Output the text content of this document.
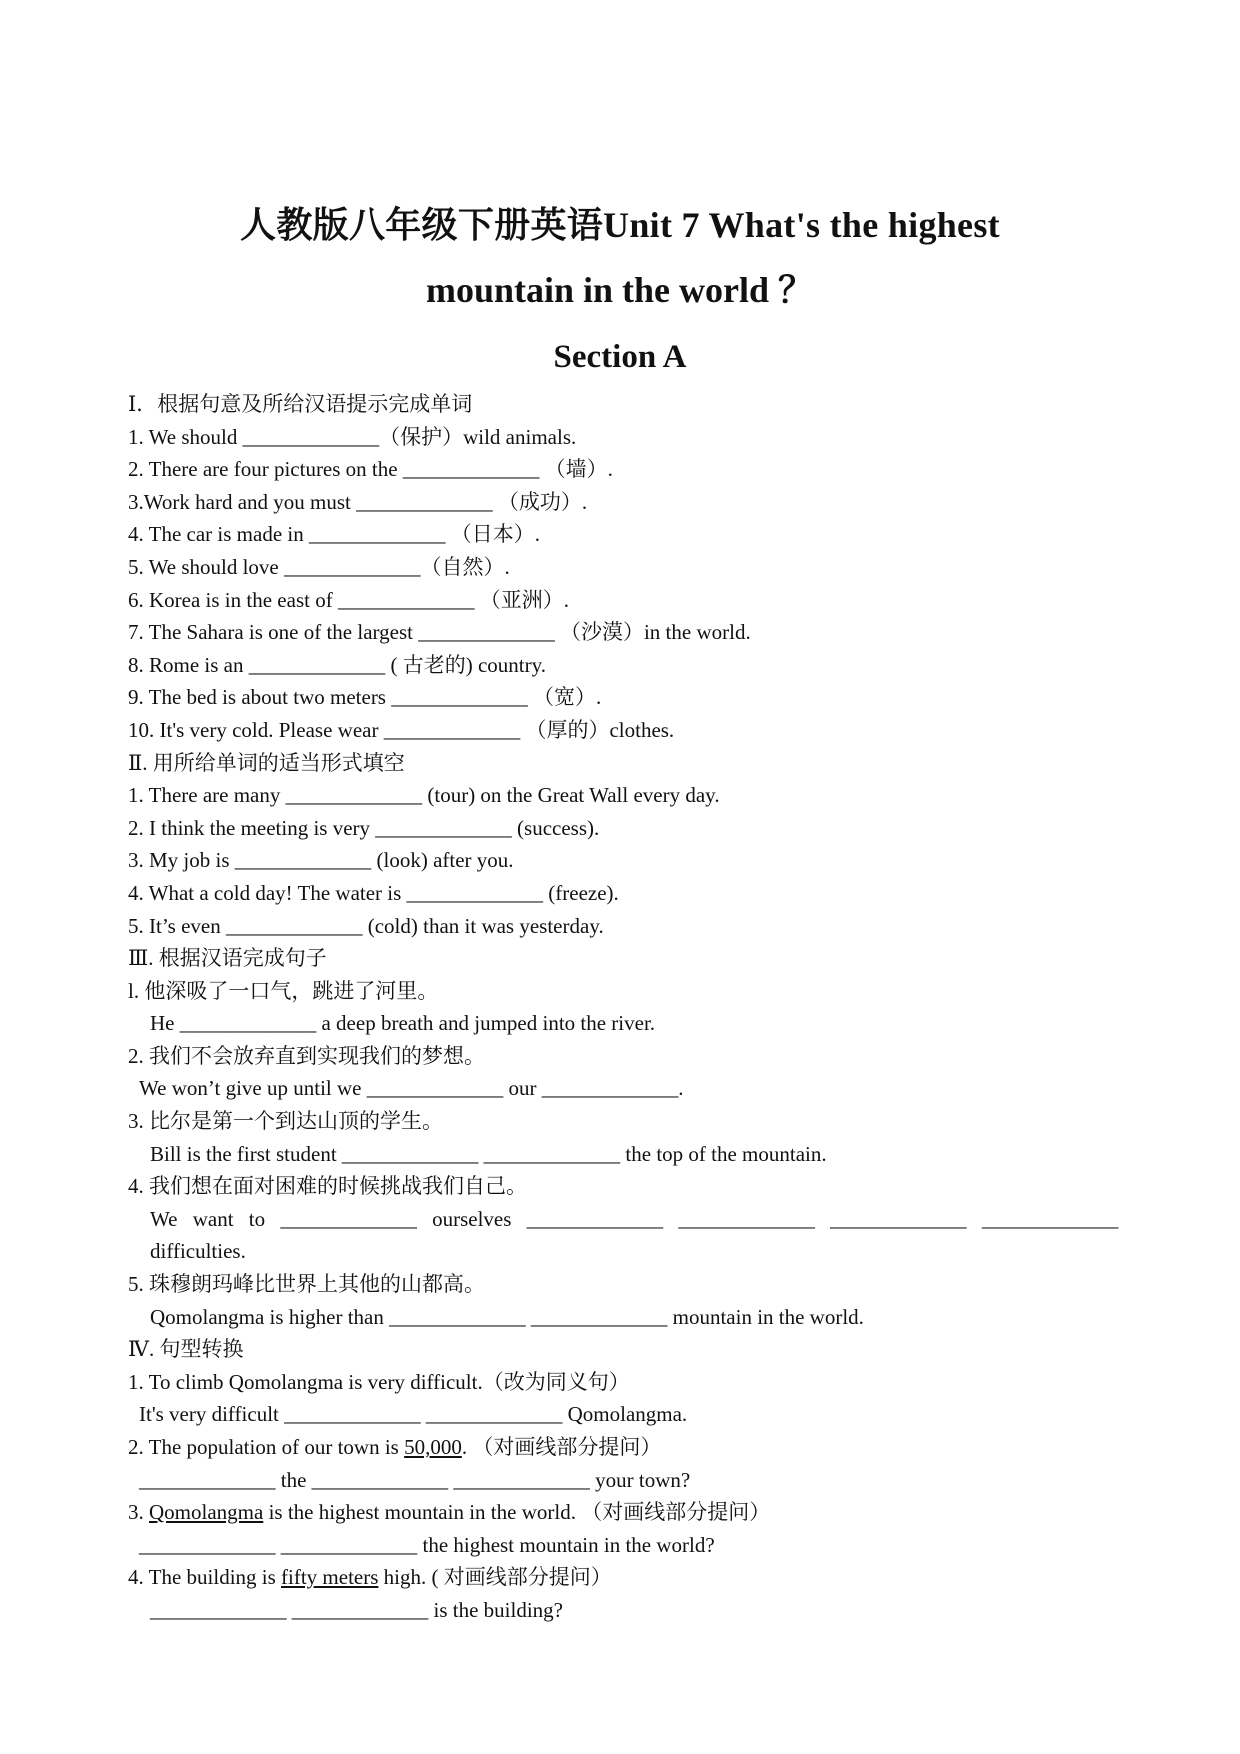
人教版八年级下册英语Unit 7 What's the highest
mountain in the world ？
Section A
Ⅰ．根据句意及所给汉语提示完成单词
1. We should _____________（保护）wild animals.
2. There are four pictures on the _____________ （墙）.
3.Work hard and you must _____________ （成功）.
4. The car is made in _____________ （日本）.
5. We should love _____________（自然）.
6. Korea is in the east of _____________ （亚洲）.
7. The Sahara is one of the largest _____________ （沙漠）in the world.
8. Rome is an _____________ ( 古老的) country.
9. The bed is about two meters _____________ （宽）.
10. It's very cold. Please wear _____________ （厚的）clothes.
Ⅱ. 用所给单词的适当形式填空
1. There are many _____________ (tour) on the Great Wall every day.
2. I think the meeting is very _____________ (success).
3. My job is _____________ (look) after you.
4. What a cold day! The water is _____________ (freeze).
5. It’s even _____________ (cold) than it was yesterday.
Ⅲ. 根据汉语完成句子
l. 他深吸了一口气，跳进了河里。
He _____________ a deep breath and jumped into the river.
2. 我们不会放弃直到实现我们的梦想。
We won’t give up until we _____________ our _____________.
3. 比尔是第一个到达山顶的学生。
Bill is the first student _____________ _____________ the top of the mountain.
4. 我们想在面对困难的时候挑战我们自己。
We want to _____________ ourselves _____________ _____________ _____________ _____________
difficulties.
5. 珠穆朗玛峰比世界上其他的山都高。
Qomolangma is higher than _____________ _____________ mountain in the world.
Ⅳ. 句型转换
1. To climb Qomolangma is very difficult.（改为同义句）
It's very difficult _____________ _____________ Qomolangma.
2. The population of our town is 50,000. （对画线部分提问）
_____________ the _____________ _____________ your town?
3. Qomolangma is the highest mountain in the world. （对画线部分提问）
_____________ _____________ the highest mountain in the world?
4. The building is fifty meters high. ( 对画线部分提问）
_____________ _____________ is the building?
